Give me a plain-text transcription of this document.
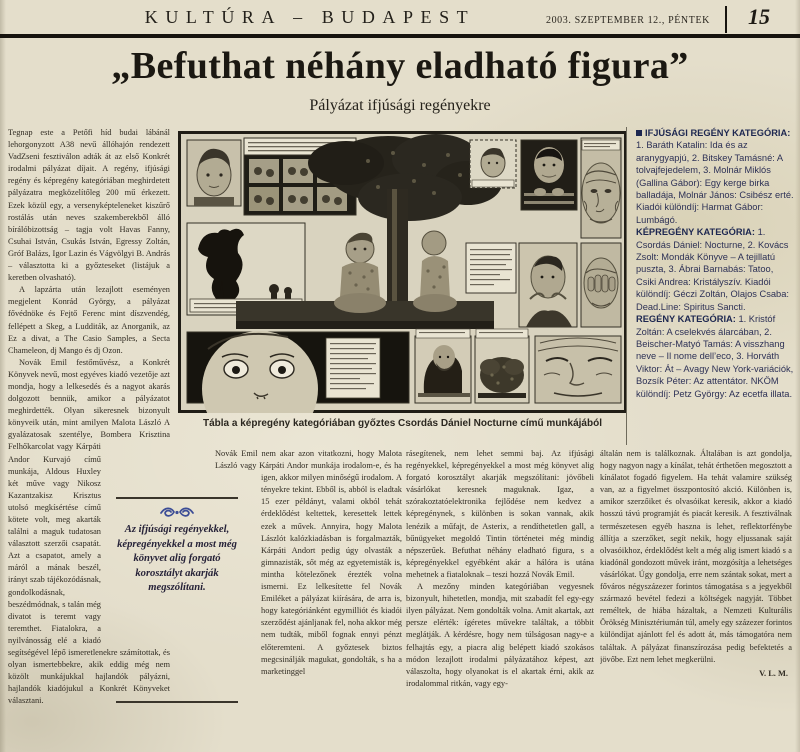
KULTÚRA – BUDAPEST	2003. SZEPTEMBER 12., PÉNTEK 15
„Befuthat néhány eladható figura”
Pályázat ifjúsági regényekre

Tegnap este a Petőfi híd budai lábánál lehorgonyzott A38 nevű állóhajón rendezett VadZseni fesztiválon adták át az első Konkrét irodalmi pályázat díjait. A regény, ifjúsági regény és képregény kategóriában meghirdetett pályázatra megközelítőleg 200 mű érkezett. Ezek közül egy, a versenyképteleneket kiszűrő rostálás után neves szakemberekből álló bírálóbizottság – tagja volt Havas Fanny, Csuhai István, Csukás István, Egressy Zoltán, Gróf Balázs, Igor Lazin és Vágvölgyi B. András – választotta ki a győzteseket (listájuk a keretben olvasható).

A lapzárta után lezajlott eseményen megjelent Konrád György, a pályázat fővédnöke és Fejtő Ferenc mint díszvendég, fellépett a Skeg, a Ludditák, az Anorganik, az Ez a divat, a The Casio Samples, a Secta Chameleon, dj Mango és dj Ozon.

Novák Emil festőművész, a Konkrét Könyvek nevű, most egyéves kiadó vezetője azt mondja, hogy a lelkesedés és a nagyot akarás dolgozott bennük, amikor a pályázatot meghirdették. Olyan sikeresnek bizonyult könyveik után, mint amilyen Malota László A gyalázatosak szentélye, Bombera Krisztina Felhőkarcolat vagy Kárpáti Andor Kurvajó című munkája, Aldous Huxley két műve vagy Nikosz Kazantzakisz Krisztus utolsó megkísértése című kötete volt, meg akarták találni a maguk tudatosan választott szerzői csapatát. Azt a csapatot, amely a máról a mának beszél, irányt szab tájékozódásnak, gondolkodásnak, beszédmódnak, s talán még divatot is teremt vagy teremthet. Fiatalokra, a nyilvánosság elé a kiadó segítségével lépő ismeretlenekre számítottak, és olyan ismertebbekre, akik eddig még nem közölt munkájukkal hajlandók pályázni, hajlandók kiadójukul a Konkrét Könyveket választani.

Az ifjúsági regényekkel, képregényekkel a most még könyvet alig forgató korosztályt akarják megszólítani.
Tábla a képregény kategóriában győztes Csordás Dániel Nocturne című munkájából

IFJÚSÁGI REGÉNY KATEGÓRIA: 1. Baráth Katalin: Ida és az aranygyapjú, 2. Bitskey Tamásné: A tolvajfejedelem, 3. Molnár Miklós (Gallina Gábor): Egy kerge birka balladája, Molnár János: Csibész erté. Kiadói különdíj: Harmat Gábor: Lumbágó.

KÉPREGÉNY KATEGÓRIA: 1. Csordás Dániel: Nocturne, 2. Kovács Zsolt: Mondák Könyve – A tejillatú puszta, 3. Ábrai Barnabás: Tatoo, Csiki Andrea: Kristályszív. Kiadói különdíj: Géczi Zoltán, Olajos Csaba: Dead.Line: Spiritus Sancti.

REGÉNY KATEGÓRIA: 1. Kristóf Zoltán: A cselekvés álarcában, 2. Beischer-Matyó Tamás: A visszhang neve – Il nome dell’eco, 3. Horváth Viktor: Át – Avagy New York-variációk, Bozsík Péter: Az attentátor. NKÖM különdíj: Petz György: Az ecetfa illata.

Novák Emil nem akar azon vitatkozni, hogy Malota László vagy Kárpáti Andor munkája irodalom-e, és ha igen, akkor milyen minőségű irodalom. A tényekre tekint. Ebből is, abból is eladtak 15 ezer példányt, valami okból tehát érdeklődést keltettek, keresettek lettek ezek a művek. Annyira, hogy Malota Lászlót kalózkiadásban is forgalmazták, Kárpáti Andort pedig úgy olvasták a gimnazisták, sőt még az egyetemisták is, mintha kötelezőnek érezték volna ismerni. Ez lelkesítette fel Novák Emiléket a pályázat kiírására, de arra is, hogy kategóriánként egymilliót és kiadói szerződést ajánljanak fel, noha akkor még nem tudták, miből fognak ennyi pénzt előteremteni. A győztesek biztos megcsinálják magukat, gondolták, s ha a marketinggel

rásegítenek, nem lehet semmi baj. Az ifjúsági regényekkel, képregényekkel a most még könyvet alig forgató korosztályt akarják megszólítani: jövőbeli vásárlókat keresnek maguknak. Igaz, a szórakoztatóelektronika fejlődése nem kedvez a képregénynek, s különben is sokan vannak, akik lenézik a műfajt, de Asterix, a rendíthetetlen gall, a bűnügyeket megoldó Tintin történetei még mindig népszerűek. Befuthat néhány eladható figura, s a képregényekkel egyébként akár a hálóra is utána mehetnek a fiataloknak – teszi hozzá Novák Emil.

A mezőny minden kategóriában vegyesnek bizonyult, hihetetlen, mondja, mit szabadít fel egy-egy ilyen pályázat. Nem gondolták volna. Amit akartak, azt persze elérték: ígéretes művekre találtak, a többit meglátják. A kérdésre, hogy nem túlságosan nagy-e a felhajtás egy, a piacra alig belépett kiadó szokásos módon lezajlott irodalmi pályázatához képest, azt válaszolta, hogy olyanokat is el akartak érni, akik az irodalommal ritkán, vagy egy-

általán nem is találkoznak. Általában is azt gondolja, hogy nagyon nagy a kínálat, tehát érthetően megosztott a kínálatot fogadó figyelem. Ha tehát valamire szükség van, az a figyelmet összpontosító akció. Különben is, amikor szerzőiket és olvasóikat keresik, akkor a kiadó hosszú távú programját és piacát keresik. A fesztiválnak természetesen egyéb haszna is lehet, reflektorfénybe állítja a szerzőket, segít nekik, hogy eljussanak saját olvasóikhoz, érdeklődést kelt a még alig ismert kiadó s a kiadónál gondozott művek iránt, mozgósítja a lehetséges vásárlókat. Úgy gondolja, erre nem szántak sokat, mert a főváros négyszázezer forintos támogatása s a jegyekből származó bevétel fedezi a költségek nagyját. Többet reméltek, de hiába házaltak, a Nemzeti Kulturális Örökség Minisztériumán túl, amely egy százezer forintos különdíjat ajánlott fel és adott át, más támogatóra nem találtak. A pályázat finanszírozása pedig befektetés a jövőbe. Ezt nem lehet megkerülni.

V. L. M.
